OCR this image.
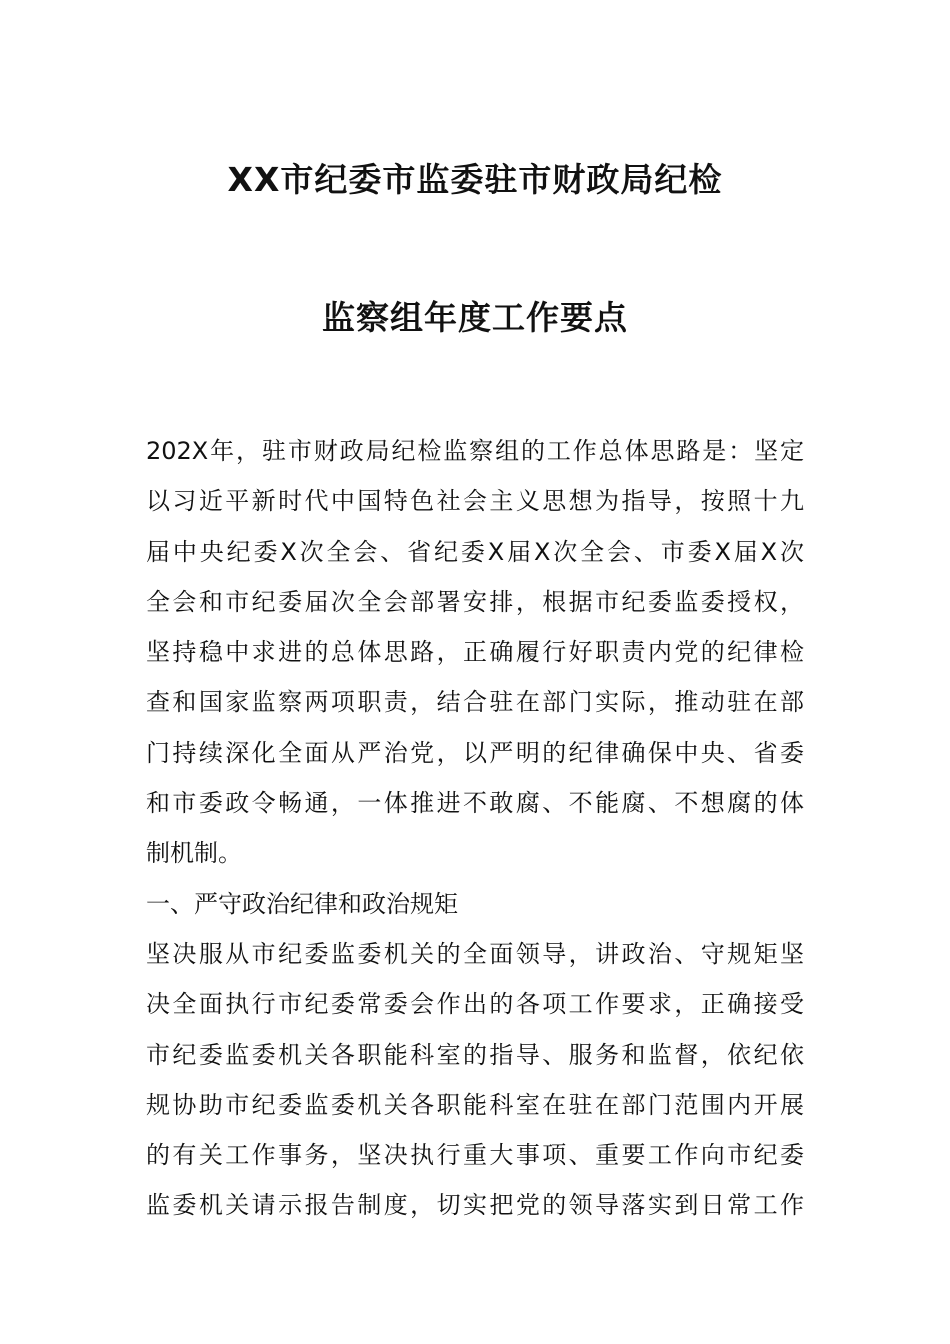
XX市纪委市监委驻市财政局纪检
监察组年度工作要点
202X年，驻市财政局纪检监察组的工作总体思路是：坚定
以习近平新时代中国特色社会主义思想为指导，按照十九
届中央纪委X次全会、省纪委X届X次全会、市委X届X次
全会和市纪委届次全会部署安排，根据市纪委监委授权，
坚持稳中求进的总体思路，正确履行好职责内党的纪律检
查和国家监察两项职责，结合驻在部门实际，推动驻在部
门持续深化全面从严治党，以严明的纪律确保中央、省委
和市委政令畅通，一体推进不敢腐、不能腐、不想腐的体
制机制。
一、严守政治纪律和政治规矩
坚决服从市纪委监委机关的全面领导，讲政治、守规矩坚
决全面执行市纪委常委会作出的各项工作要求，正确接受
市纪委监委机关各职能科室的指导、服务和监督，依纪依
规协助市纪委监委机关各职能科室在驻在部门范围内开展
的有关工作事务，坚决执行重大事项、重要工作向市纪委
监委机关请示报告制度，切实把党的领导落实到日常工作
